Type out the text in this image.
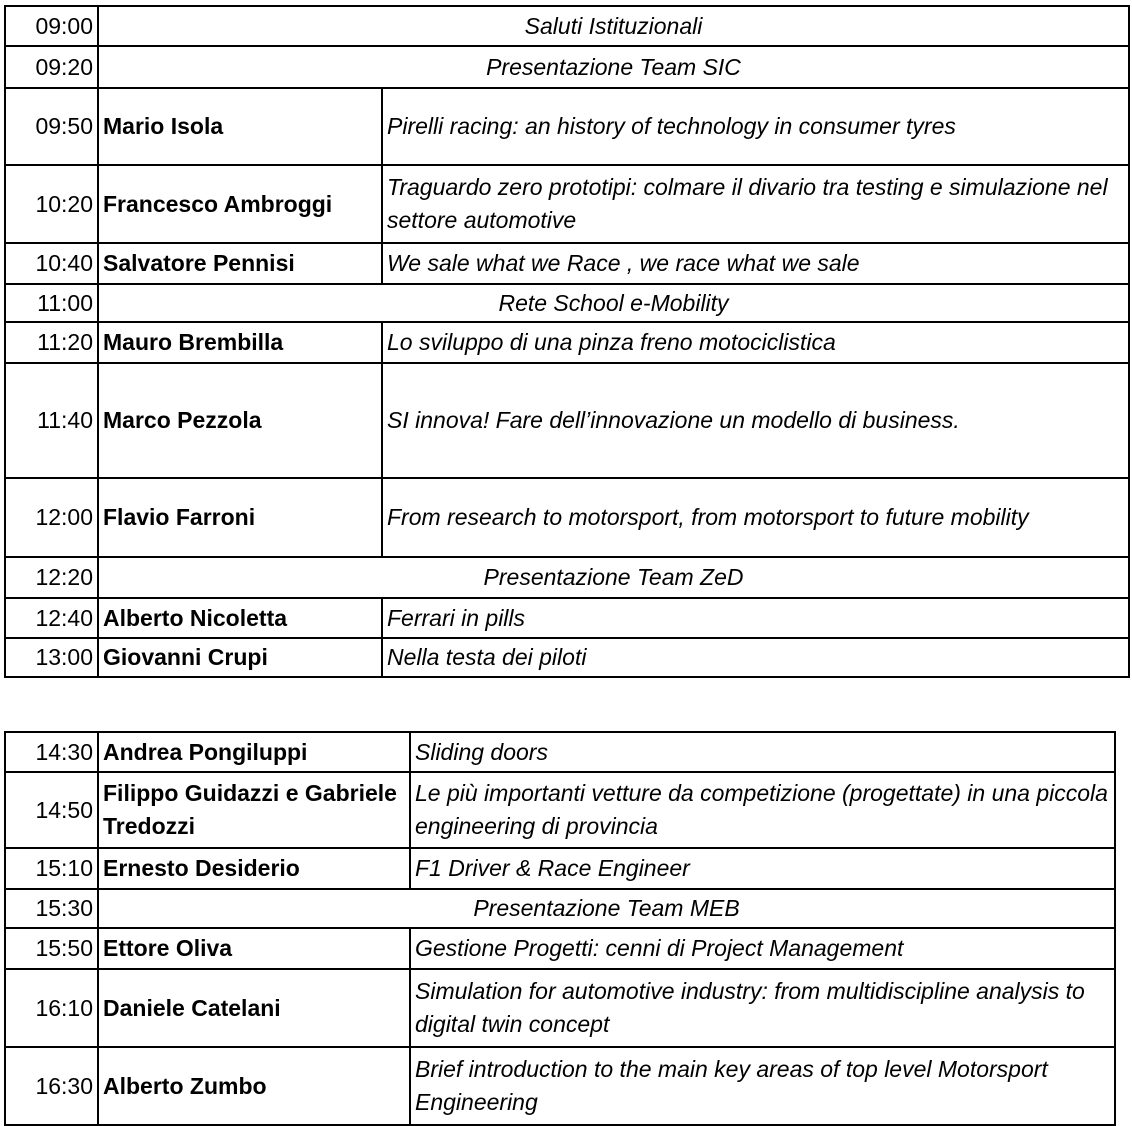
09:00	Saluti Istituzionali	
09:20	Presentazione Team SIC	
09:50	Mario Isola	Pirelli racing: an history of technology in consumer tyres
10:20	Francesco Ambroggi	Traguardo zero prototipi: colmare il divario tra testing e simulazione nel settore automotive
10:40	Salvatore Pennisi	We sale what we Race , we race what we sale
11:00	Rete School e-Mobility	
11:20	Mauro Brembilla	Lo sviluppo di una pinza freno motociclistica
11:40	Marco Pezzola	SI innova! Fare dell’innovazione un modello di business.
12:00	Flavio Farroni	From research to motorsport, from motorsport to future mobility
12:20	Presentazione Team ZeD	
12:40	Alberto Nicoletta	Ferrari in pills
13:00	Giovanni Crupi	Nella testa dei piloti
14:30	Andrea Pongiluppi	Sliding doors
14:50	Filippo Guidazzi e Gabriele Tredozzi	Le più importanti vetture da competizione (progettate) in una piccola engineering di provincia
15:10	Ernesto Desiderio	F1 Driver & Race Engineer
15:30	Presentazione Team MEB	
15:50	Ettore Oliva	Gestione Progetti: cenni di Project Management
16:10	Daniele Catelani	Simulation for automotive industry: from multidiscipline analysis to digital twin concept
16:30	Alberto Zumbo	Brief introduction to the main key areas of top level Motorsport Engineering
